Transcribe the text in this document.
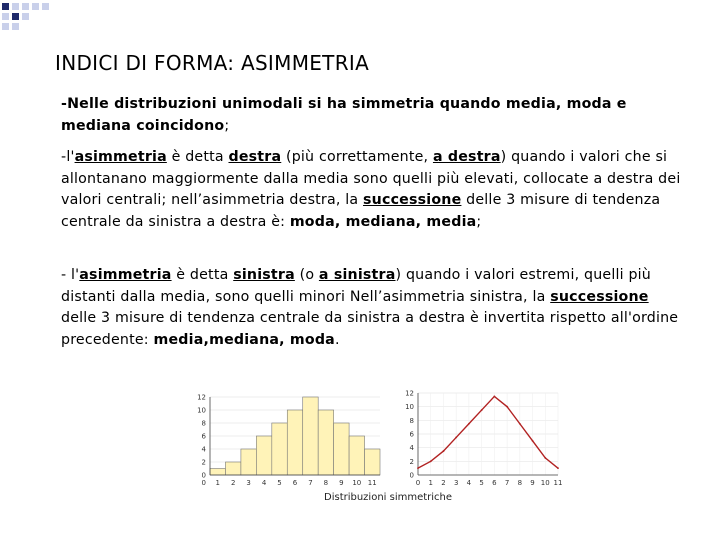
INDICI DI FORMA: ASIMMETRIA
-Nelle distribuzioni unimodali si ha simmetria quando media, moda e
mediana coincidono;
-l'asimmetria è detta destra (più correttamente, a destra) quando i valori che si allontanano maggiormente dalla media sono quelli più elevati, collocate a destra dei valori centrali; nell’asimmetria destra, la successione delle 3 misure di tendenza centrale da sinistra a destra è: moda, mediana, media;
- l'asimmetria è detta sinistra (o a sinistra) quando i valori estremi, quelli più distanti dalla media, sono quelli minori Nell’asimmetria sinistra, la successione delle 3 misure di tendenza centrale da sinistra a destra è invertita rispetto all'ordine precedente: media,mediana, moda.
0
2
4
6
8
10
12
0 1 2 3 4 5 6 7 8 9 10 11
0
2
4
6
8
10
12
0 1 2 3 4 5 6 7 8 9 10 11
Distribuzioni simmetriche
